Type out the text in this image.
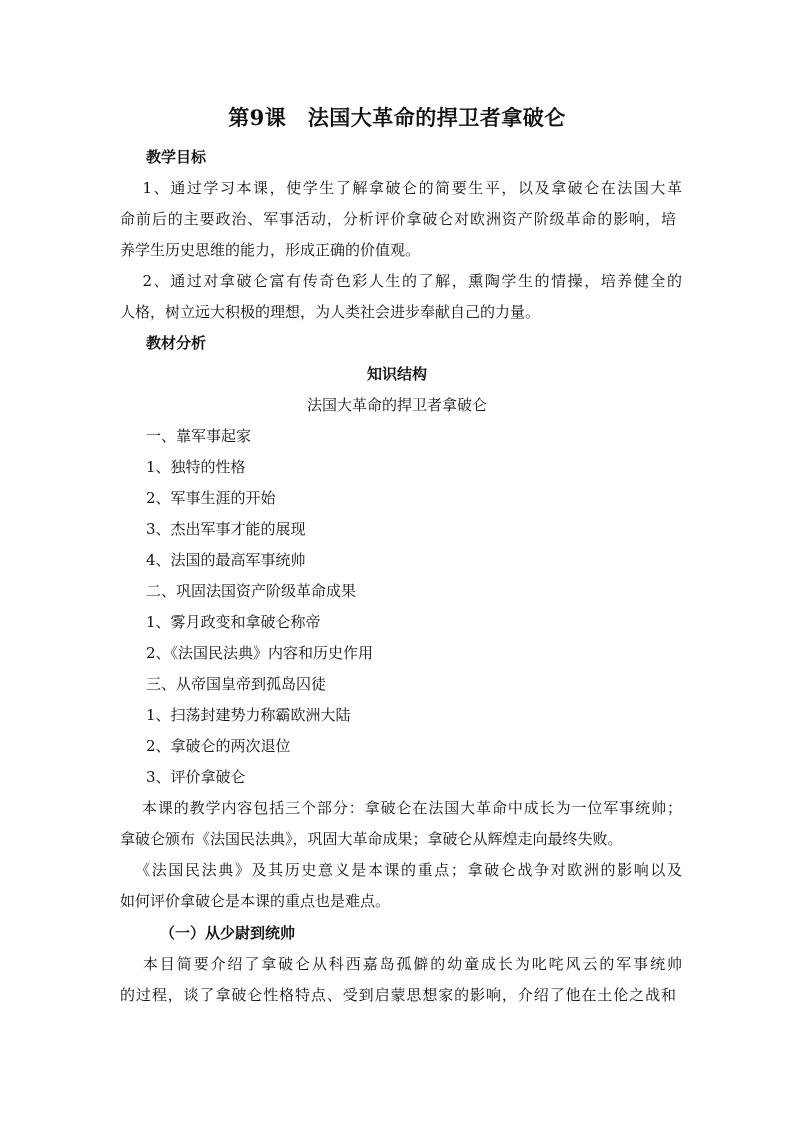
第9课　法国大革命的捍卫者拿破仑
教学目标
　1、通过学习本课，使学生了解拿破仑的简要生平，以及拿破仑在法国大革
命前后的主要政治、军事活动，分析评价拿破仑对欧洲资产阶级革命的影响，培
养学生历史思维的能力，形成正确的价值观。
　2、通过对拿破仑富有传奇色彩人生的了解，熏陶学生的情操，培养健全的
人格，树立远大积极的理想，为人类社会进步奉献自己的力量。
教材分析
知识结构
法国大革命的捍卫者拿破仑
一、靠军事起家
1、独特的性格
2、军事生涯的开始
3、杰出军事才能的展现
4、法国的最高军事统帅
二、巩固法国资产阶级革命成果
1、雾月政变和拿破仑称帝
2、《法国民法典》内容和历史作用
三、从帝国皇帝到孤岛囚徒
1、扫荡封建势力称霸欧洲大陆
2、拿破仑的两次退位
3、评价拿破仑
　本课的教学内容包括三个部分：拿破仑在法国大革命中成长为一位军事统帅；
拿破仑颁布《法国民法典》，巩固大革命成果；拿破仑从辉煌走向最终失败。
　《法国民法典》及其历史意义是本课的重点；拿破仑战争对欧洲的影响以及
如何评价拿破仑是本课的重点也是难点。
（一）从少尉到统帅
　本目简要介绍了拿破仑从科西嘉岛孤僻的幼童成长为叱咤风云的军事统帅
的过程，谈了拿破仑性格特点、受到启蒙思想家的影响，介绍了他在土伦之战和
